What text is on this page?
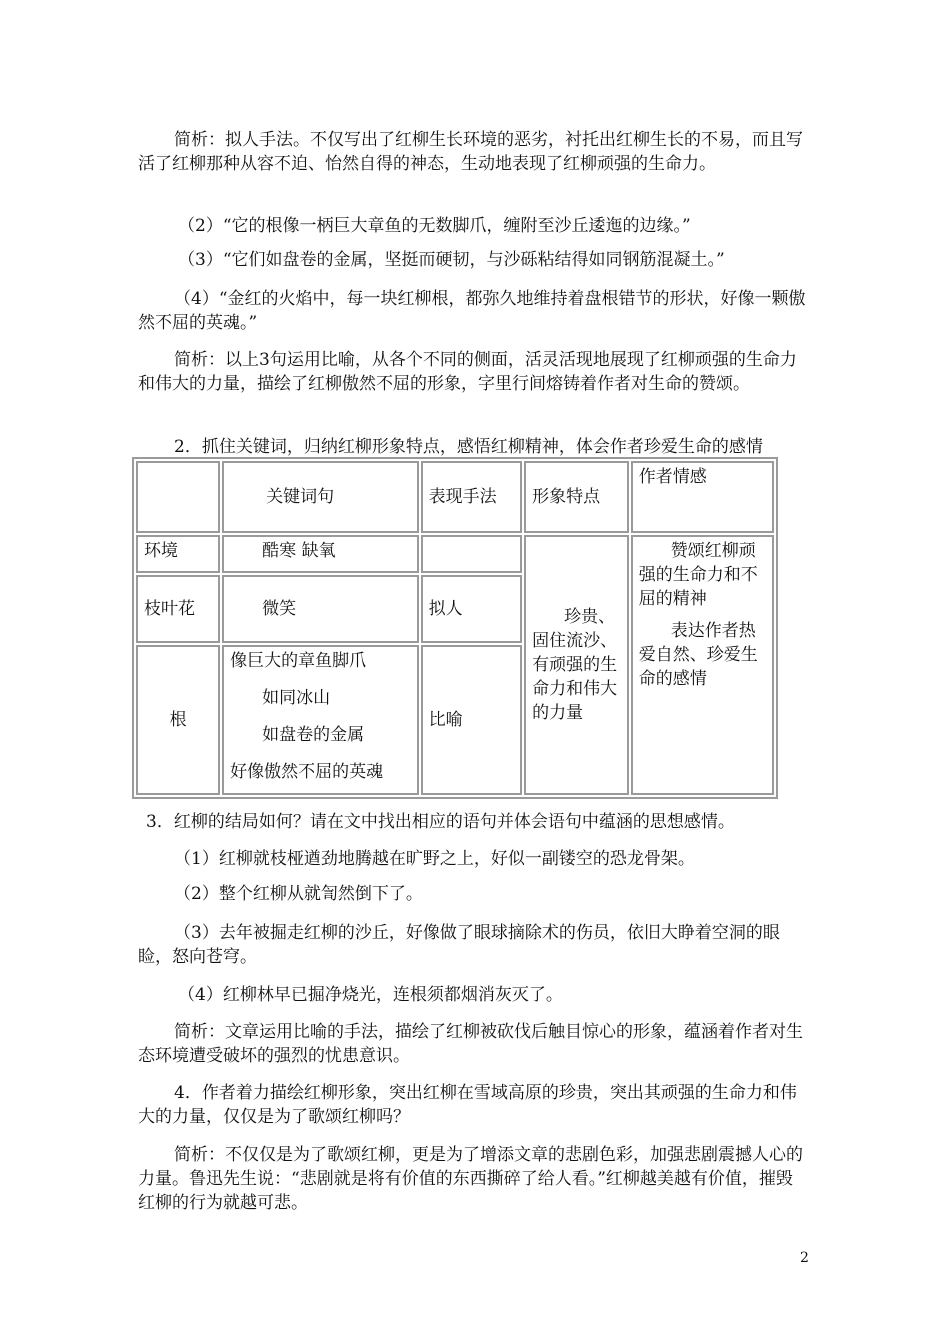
简析：拟人手法。不仅写出了红柳生长环境的恶劣，衬托出红柳生长的不易，而且写活了红柳那种从容不迫、怡然自得的神态，生动地表现了红柳顽强的生命力。

（2）“它的根像一柄巨大章鱼的无数脚爪，缠附至沙丘逶迤的边缘。”

（3）“它们如盘卷的金属，坚挺而硬韧，与沙砾粘结得如同钢筋混凝土。”

（4）“金红的火焰中，每一块红柳根，都弥久地维持着盘根错节的形状，好像一颗傲然不屈的英魂。”

简析：以上3句运用比喻，从各个不同的侧面，活灵活现地展现了红柳顽强的生命力和伟大的力量，描绘了红柳傲然不屈的形象，字里行间熔铸着作者对生命的赞颂。

2．抓住关键词，归纳红柳形象特点，感悟红柳精神，体会作者珍爱生命的感情

	关键词句	表现手法	形象特点	作者情感
环境	酷寒 缺氧		珍贵、固住流沙、有顽强的生命力和伟大的力量	赞颂红柳顽强的生命力和不屈的精神
表达作者热爱自然、珍爱生命的感情

枝叶花	微笑	拟人		
根	像巨大的章鱼脚爪
如同冰山
如盘卷的金属
好像傲然不屈的英魂	比喻		

3．红柳的结局如何？请在文中找出相应的语句并体会语句中蕴涵的思想感情。

（1）红柳就枝桠遒劲地腾越在旷野之上，好似一副镂空的恐龙骨架。

（2）整个红柳从就訇然倒下了。

（3）去年被掘走红柳的沙丘，好像做了眼球摘除术的伤员，依旧大睁着空洞的眼睑，怒向苍穹。

（4）红柳林早已掘净烧光，连根须都烟消灰灭了。

简析：文章运用比喻的手法，描绘了红柳被砍伐后触目惊心的形象，蕴涵着作者对生态环境遭受破坏的强烈的忧患意识。

4．作者着力描绘红柳形象，突出红柳在雪域高原的珍贵，突出其顽强的生命力和伟大的力量，仅仅是为了歌颂红柳吗？

简析：不仅仅是为了歌颂红柳，更是为了增添文章的悲剧色彩，加强悲剧震撼人心的力量。鲁迅先生说：“悲剧就是将有价值的东西撕碎了给人看。”红柳越美越有价值，摧毁红柳的行为就越可悲。

2
